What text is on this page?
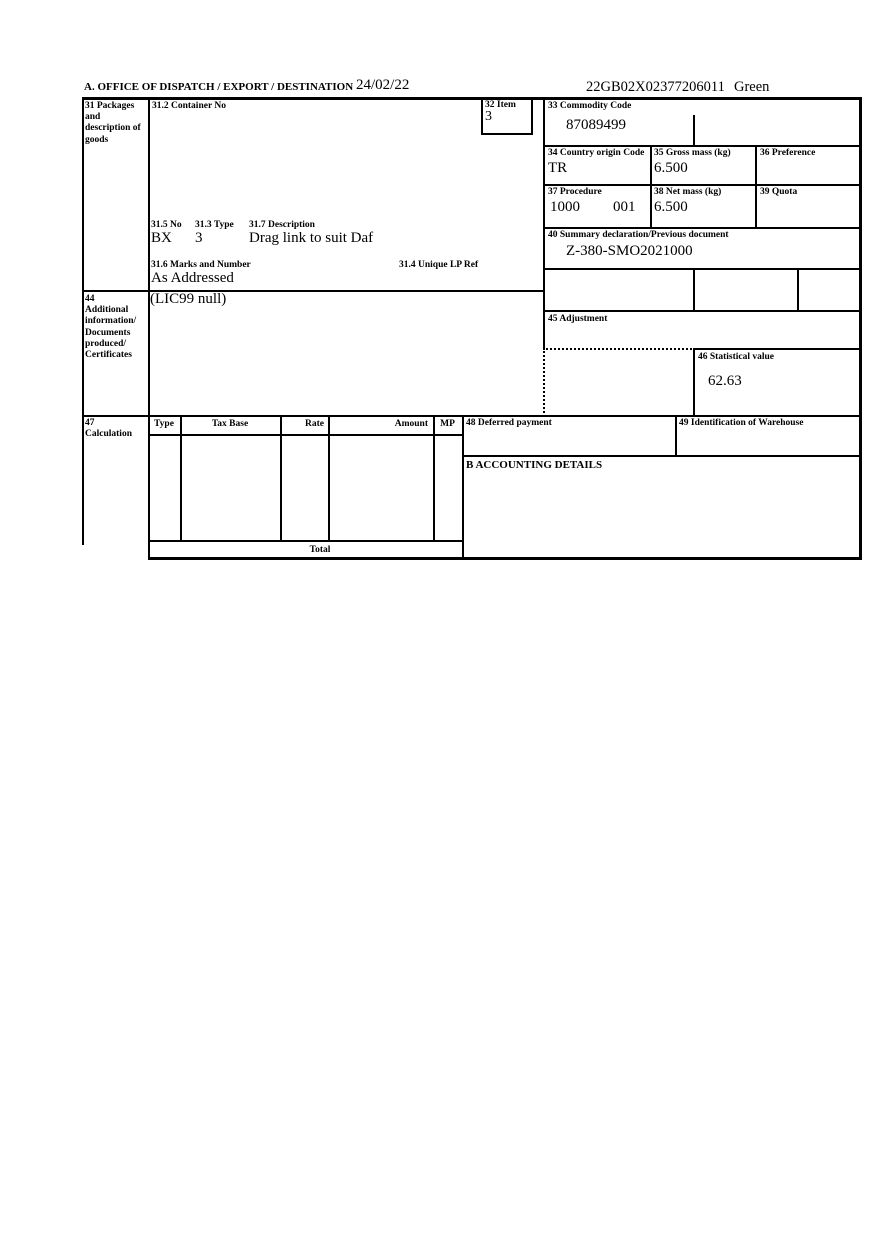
A. OFFICE OF DISPATCH / EXPORT / DESTINATION 24/02/22	22GB02X02377206011 Green
31 Packages and description of goods
31.2 Container No	32 Item
3
33 Commodity Code
87089499
34 Country origin Code
TR
35 Gross mass (kg)
6.500
36 Preference
37 Procedure
1000 001
38 Net mass (kg)
6.500
39 Quota
40 Summary declaration/Previous document
Z-380-SMO2021000
31.5 No 31.3 Type 31.7 Description
BX 3	Drag link to suit Daf
31.6 Marks and Number	31.4 Unique LP Ref
As Addressed
44 Additional information/ Documents produced/ Certificates
(LIC99 null)
45 Adjustment
46 Statistical value
62.63
47 Calculation
Type	Tax Base	Rate	Amount	MP	48 Deferred payment	49 Identification of Warehouse
B ACCOUNTING DETAILS
Total
